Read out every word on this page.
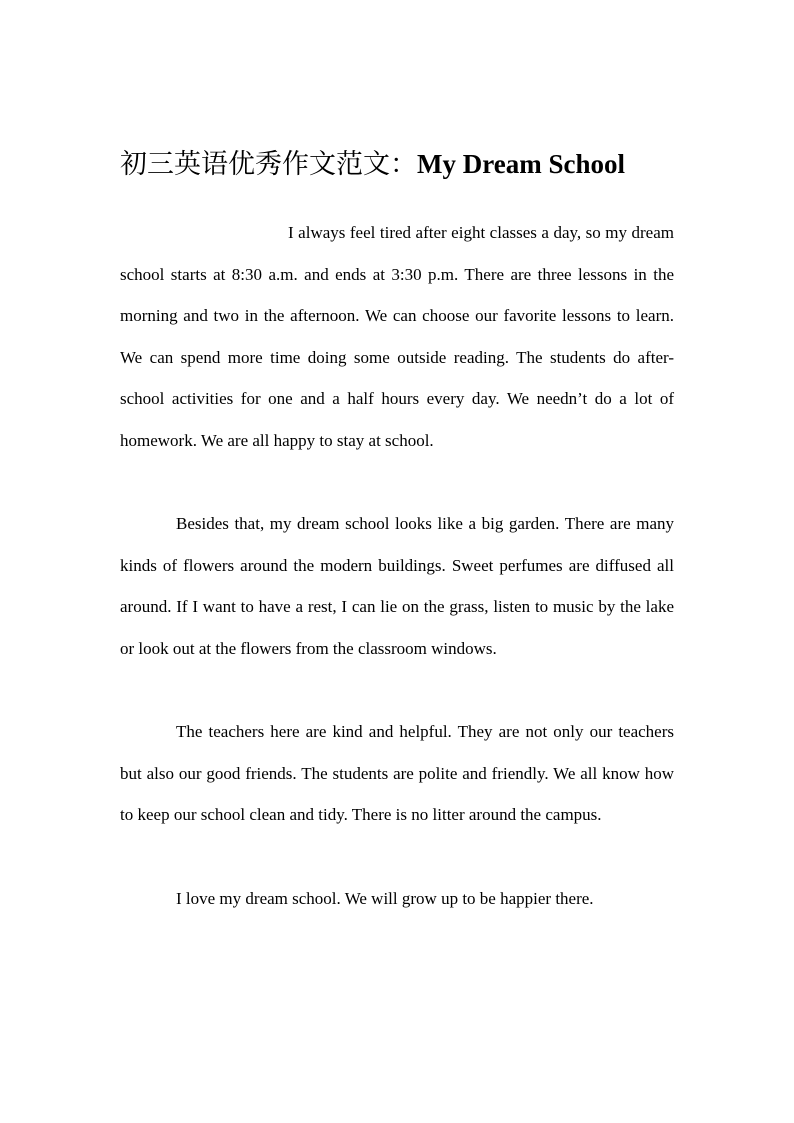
初三英语优秀作文范文：My Dream School

I always feel tired after eight classes a day, so my dream school starts at 8:30 a.m. and ends at 3:30 p.m. There are three lessons in the morning and two in the afternoon. We can choose our favorite lessons to learn. We can spend more time doing some outside reading. The students do after-school activities for one and a half hours every day. We needn’t do a lot of homework. We are all happy to stay at school.

Besides that, my dream school looks like a big garden. There are many kinds of flowers around the modern buildings. Sweet perfumes are diffused all around. If I want to have a rest, I can lie on the grass, listen to music by the lake or look out at the flowers from the classroom windows.

The teachers here are kind and helpful. They are not only our teachers but also our good friends. The students are polite and friendly. We all know how to keep our school clean and tidy. There is no litter around the campus.

I love my dream school. We will grow up to be happier there.
